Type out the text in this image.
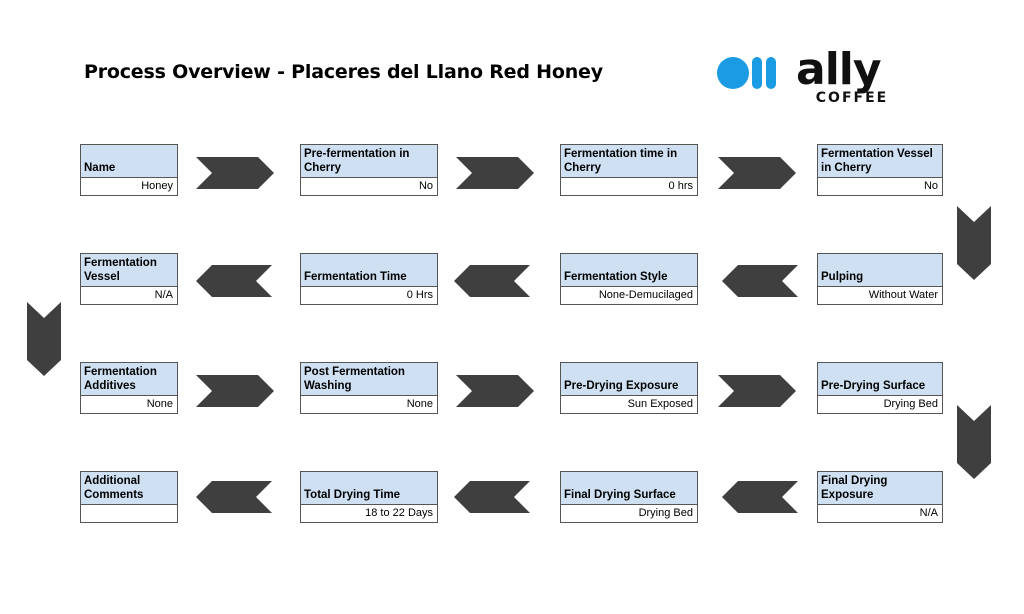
Process Overview - Placeres del Llano Red Honey	ally
COFFEE
Name
Honey
Pre-fermentation in Cherry
No
Fermentation time in Cherry
0 hrs
Fermentation Vessel in Cherry
No
Pulping
Without Water
Fermentation Style
None-Demucilaged
Fermentation Time
0 Hrs
Fermentation Vessel
N/A
Fermentation Additives
None
Post Fermentation Washing
None
Pre-Drying Exposure
Sun Exposed
Pre-Drying Surface
Drying Bed
Final Drying Exposure
N/A
Final Drying Surface
Drying Bed
Total Drying Time
18 to 22 Days
Additional Comments
